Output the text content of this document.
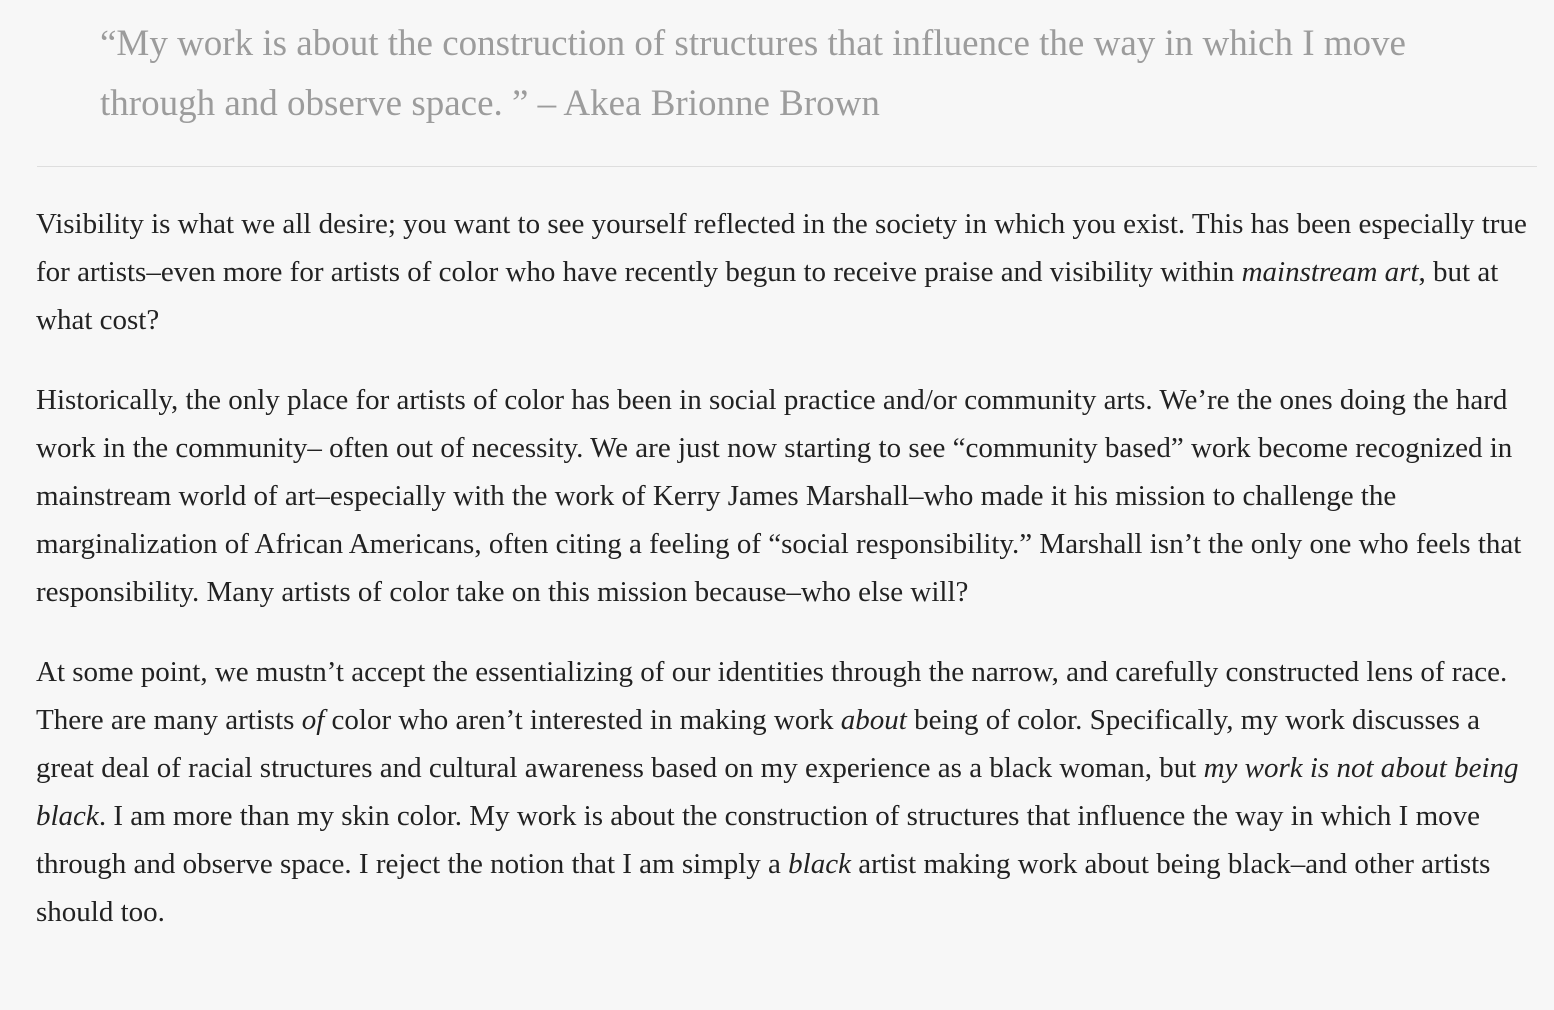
“My work is about the construction of structures that influence the way in which I move through and observe space. ” – Akea Brionne Brown

Visibility is what we all desire; you want to see yourself reflected in the society in which you exist. This has been especially true for artists–even more for artists of color who have recently begun to receive praise and visibility within mainstream art, but at what cost?

Historically, the only place for artists of color has been in social practice and/or community arts. We’re the ones doing the hard work in the community– often out of necessity. We are just now starting to see “community based” work become recognized in mainstream world of art–especially with the work of Kerry James Marshall–who made it his mission to challenge the marginalization of African Americans, often citing a feeling of “social responsibility.” Marshall isn’t the only one who feels that responsibility. Many artists of color take on this mission because–who else will?

At some point, we mustn’t accept the essentializing of our identities through the narrow, and carefully constructed lens of race. There are many artists of color who aren’t interested in making work about being of color. Specifically, my work discusses a great deal of racial structures and cultural awareness based on my experience as a black woman, but my work is not about being black. I am more than my skin color. My work is about the construction of structures that influence the way in which I move through and observe space. I reject the notion that I am simply a black artist making work about being black–and other artists should too.
